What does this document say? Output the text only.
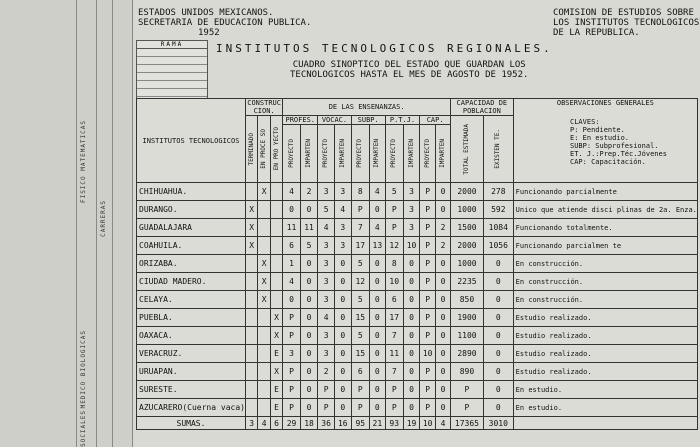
FISICO MATEMATICAS
CARRERAS
MEDICO BIOLOGICAS
SOCIALES
ESTADOS UNIDOS MEXICANOS.
SECRETARIA DE EDUCACION PUBLICA.
1952
COMISION DE ESTUDIOS SOBRE
LOS INSTITUTOS TECNOLOGICOS
DE LA REPUBLICA.
RAMA	INSTITUTOS TECNOLOGICOS REGIONALES.
CUADRO SINOPTICO DEL ESTADO QUE GUARDAN LOS
TECNOLOGICOS HASTA EL MES DE AGOSTO DE 1952.
INSTITUTOS TECNOLOGICOS	CONSTRUC CION.			DE LAS ENSENANZAS.										CAPACIDAD DE POBLACION		OBSERVACIONES GENERALES

	TERMINADO	EN PROCE SO	EN PRO YECTO	PROFES.		VOCAC.		SUBP.		P.T.J.		CAP.		TOTAL ESTIMADA	EXISTEN TE.	

				PROYECTO	IMPARTEN	PROYECTO	IMPARTEN	PROYECTO	IMPARTEN	PROYECTO	IMPARTEN	PROYECTO	IMPARTEN			

CHIHUAHUA.		X		4	2	3	3	8	4	5	3	P	0	2000	278	Funcionando parcialmente
DURANGO.	X			0	0	5	4	P	0	P	3	P	0	1000	592	Unico que atiende disci plinas de 2a. Enza.
GUADALAJARA	X			11	11	4	3	7	4	P	3	P	2	1500	1084	Funcionando totalmente.
COAHUILA.	X			6	5	3	3	17	13	12	10	P	2	2000	1056	Funcionando parcialmen te
ORIZABA.		X		1	0	3	0	5	0	8	0	P	0	1000	0	En construcción.
CIUDAD MADERO.		X		4	0	3	0	12	0	10	0	P	0	2235	0	En construcción.
CELAYA.		X		0	0	3	0	5	0	6	0	P	0	850	0	En construcción.
PUEBLA.			X	P	0	4	0	15	0	17	0	P	0	1900	0	Estudio realizado.
OAXACA.			X	P	0	3	0	5	0	7	0	P	0	1100	0	Estudio realizado.
VERACRUZ.			E	3	0	3	0	15	0	11	0	10	0	2890	0	Estudio realizado.
URUAPAN.			X	P	0	2	0	6	0	7	0	P	0	890	0	Estudio realizado.
SURESTE.			E	P	0	P	0	P	0	P	0	P	0	P	0	En estudio.
AZUCARERO(Cuerna vaca)			E	P	0	P	0	P	0	P	0	P	0	P	0	En estudio.
SUMAS.	3	4	6	29	18	36	16	95	21	93	19	10	4	17365	3010	
CLAVES:
P: Pendiente.
E: En estudio.
SUBP: Subprofesional.
ET. J.:Prep.Téc.Jóvenes
CAP: Capacitación.
